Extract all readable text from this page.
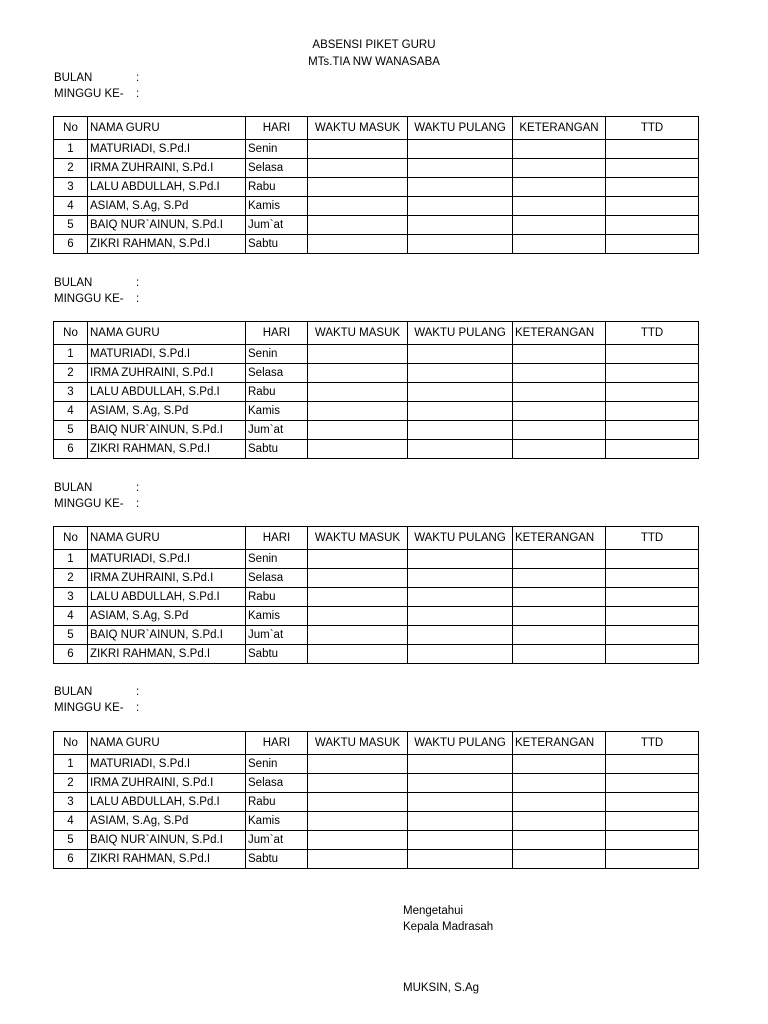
ABSENSI PIKET GURU
MTs.TIA NW WANASABA
BULAN	:
MINGGU KE- :
No	NAMA GURU	HARI	WAKTU MASUK	WAKTU PULANG	KETERANGAN	TTD
1	MATURIADI, S.Pd.I	Senin				
2	IRMA ZUHRAINI, S.Pd.I	Selasa				
3	LALU ABDULLAH, S.Pd.I	Rabu				
4	ASIAM, S.Ag, S.Pd	Kamis				
5	BAIQ NUR`AINUN, S.Pd.I	Jum`at				
6	ZIKRI RAHMAN, S.Pd.I	Sabtu				
BULAN	:
MINGGU KE- :
No	NAMA GURU	HARI	WAKTU MASUK	WAKTU PULANG	KETERANGAN	TTD
1	MATURIADI, S.Pd.I	Senin				
2	IRMA ZUHRAINI, S.Pd.I	Selasa				
3	LALU ABDULLAH, S.Pd.I	Rabu				
4	ASIAM, S.Ag, S.Pd	Kamis				
5	BAIQ NUR`AINUN, S.Pd.I	Jum`at				
6	ZIKRI RAHMAN, S.Pd.I	Sabtu				
BULAN	:
MINGGU KE- :
No	NAMA GURU	HARI	WAKTU MASUK	WAKTU PULANG	KETERANGAN	TTD
1	MATURIADI, S.Pd.I	Senin				
2	IRMA ZUHRAINI, S.Pd.I	Selasa				
3	LALU ABDULLAH, S.Pd.I	Rabu				
4	ASIAM, S.Ag, S.Pd	Kamis				
5	BAIQ NUR`AINUN, S.Pd.I	Jum`at				
6	ZIKRI RAHMAN, S.Pd.I	Sabtu				
BULAN	:
MINGGU KE- :
No	NAMA GURU	HARI	WAKTU MASUK	WAKTU PULANG	KETERANGAN	TTD
1	MATURIADI, S.Pd.I	Senin				
2	IRMA ZUHRAINI, S.Pd.I	Selasa				
3	LALU ABDULLAH, S.Pd.I	Rabu				
4	ASIAM, S.Ag, S.Pd	Kamis				
5	BAIQ NUR`AINUN, S.Pd.I	Jum`at				
6	ZIKRI RAHMAN, S.Pd.I	Sabtu				
Mengetahui
Kepala Madrasah
MUKSIN, S.Ag
